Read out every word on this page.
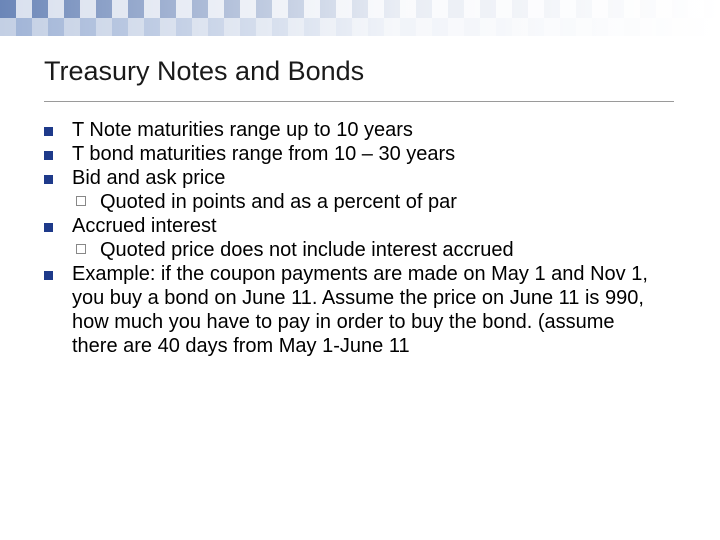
Treasury Notes and Bonds
T Note maturities range up to 10 years
T bond maturities range from 10 – 30 years
Bid and ask price
Quoted in points and as a percent of par
Accrued interest
Quoted price does not include interest accrued
Example: if the coupon payments are made on May 1 and Nov 1, you buy a bond on June 11. Assume the price on June 11 is 990, how much you have to pay in order to buy the bond. (assume there are 40 days from May 1-June 11
